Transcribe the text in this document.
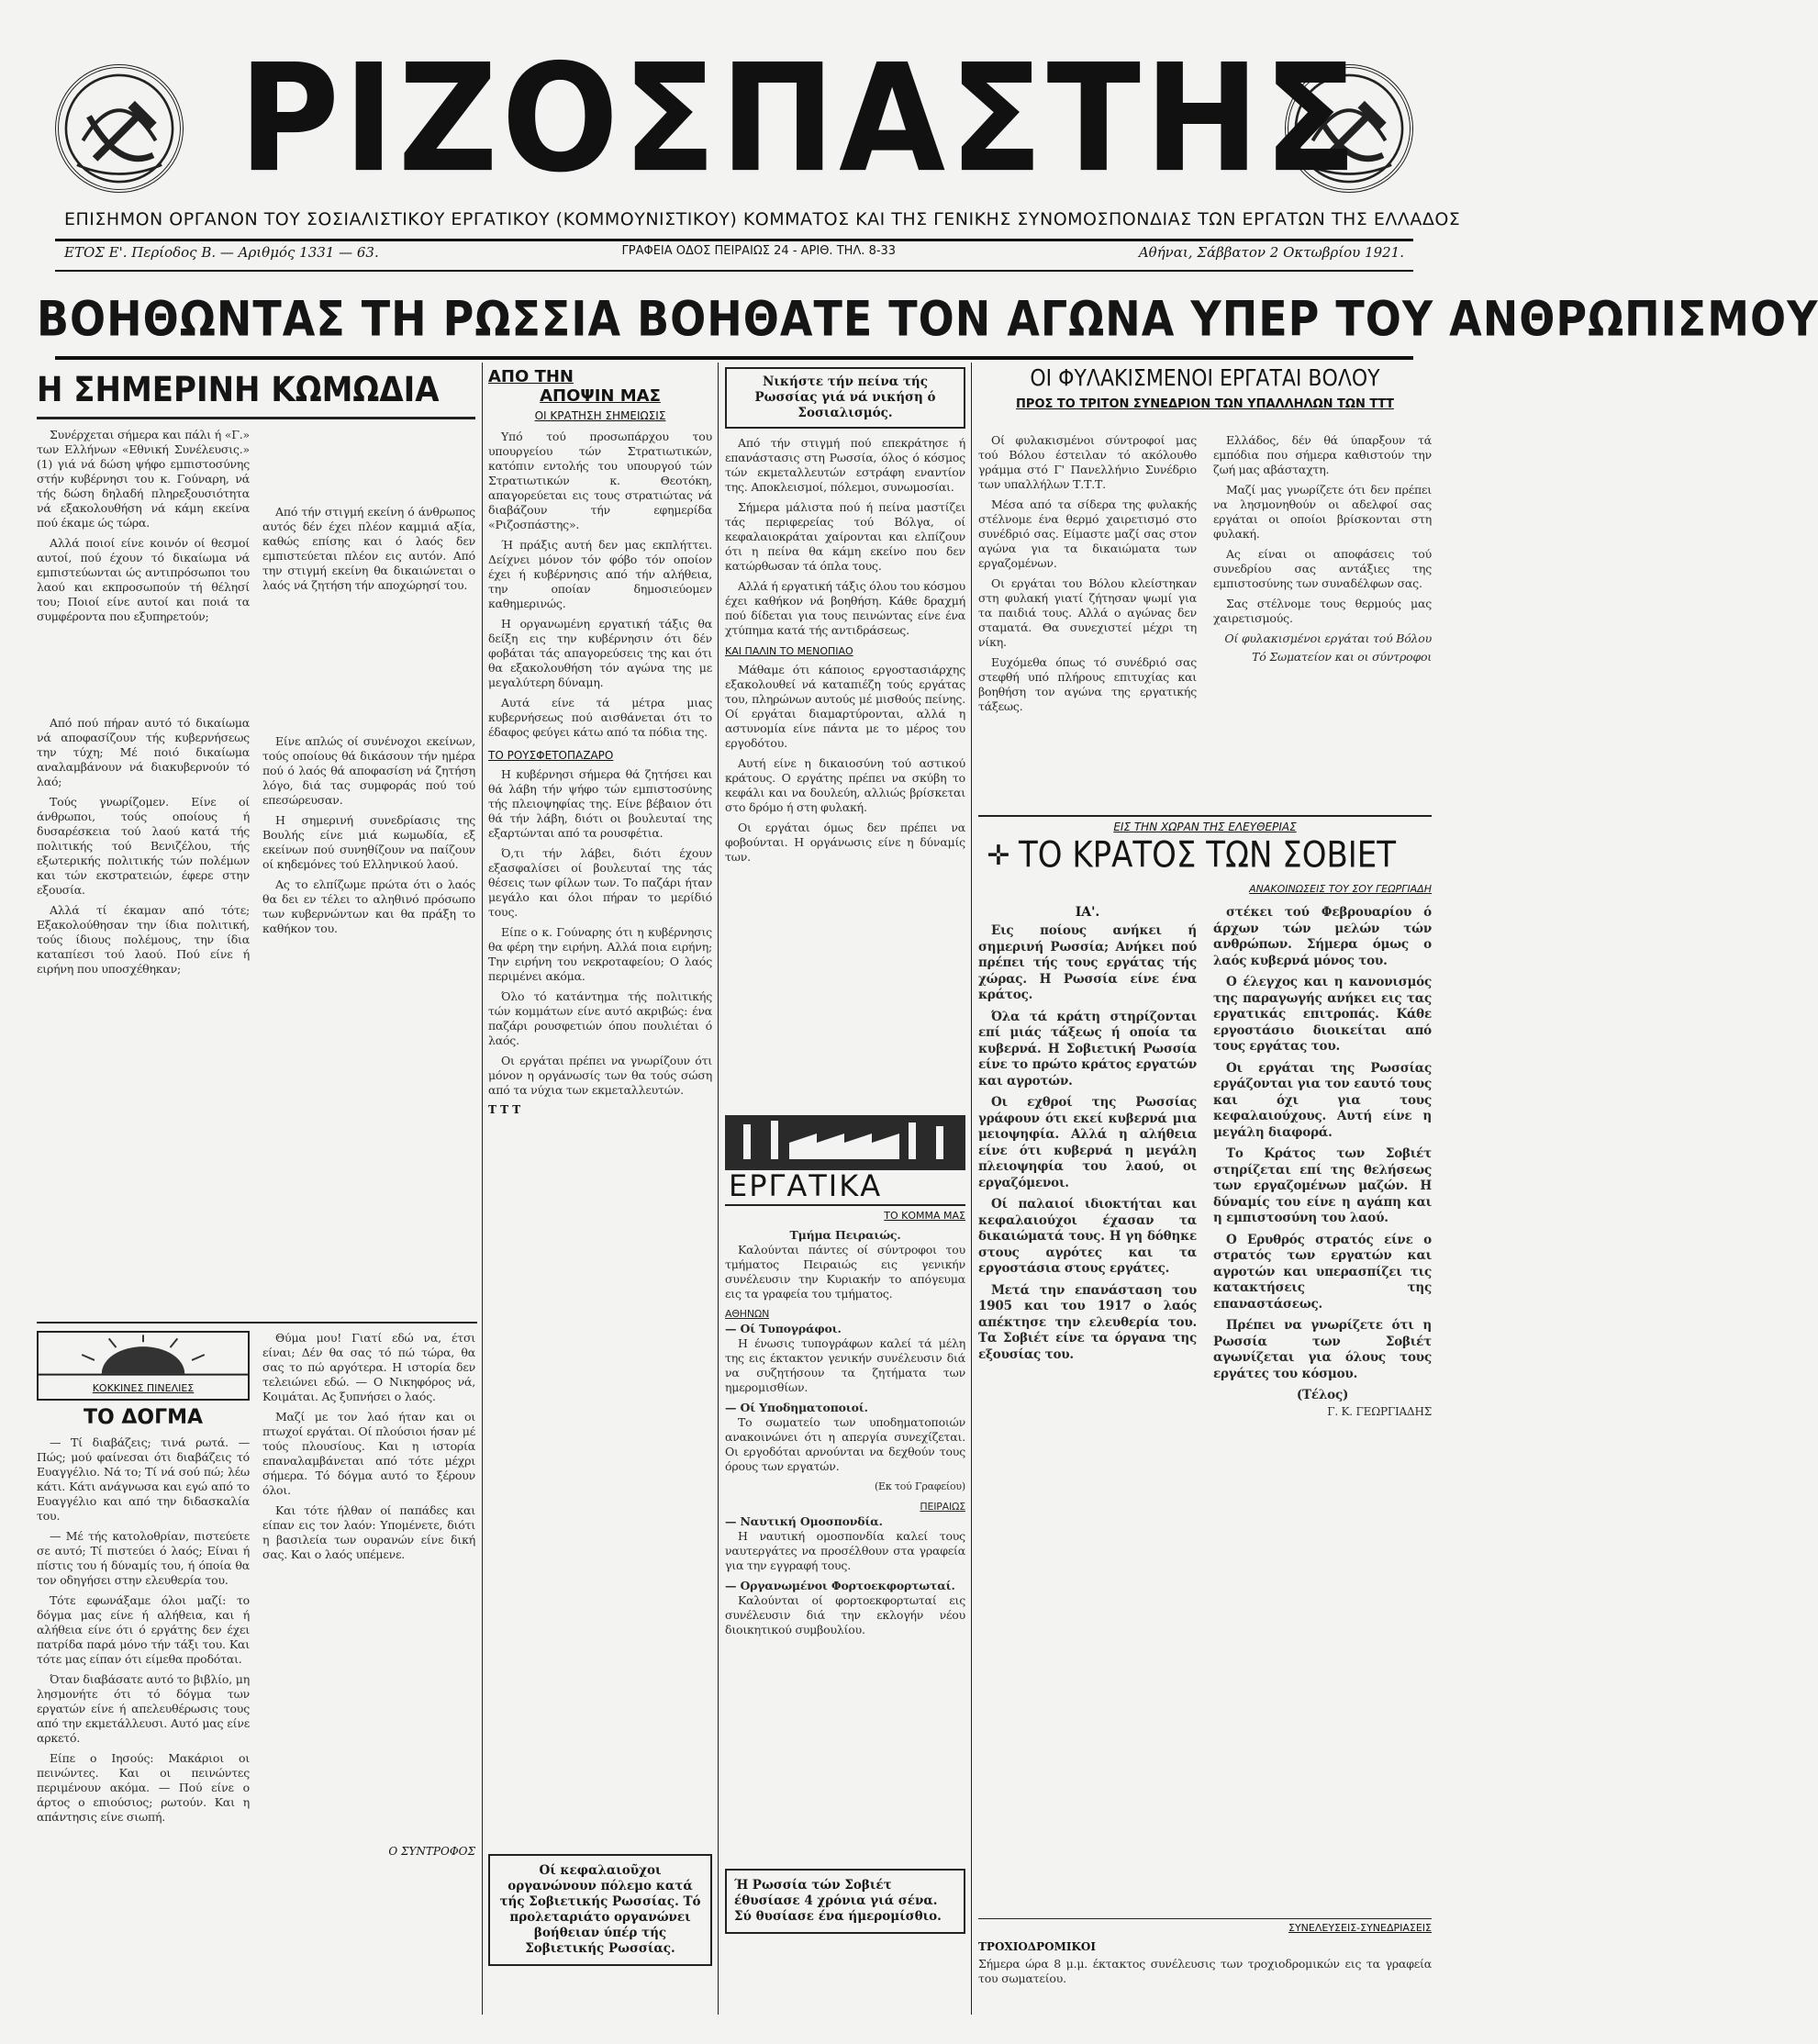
ΡΙΖΟΣΠΑΣΤΗΣ
ΕΠΙΣΗΜΟΝ ΟΡΓΑΝΟΝ ΤΟΥ ΣΟΣΙΑΛΙΣΤΙΚΟΥ ΕΡΓΑΤΙΚΟΥ (ΚΟΜΜΟΥΝΙΣΤΙΚΟΥ) ΚΟΜΜΑΤΟΣ ΚΑΙ ΤΗΣ ΓΕΝΙΚΗΣ ΣΥΝΟΜΟΣΠΟΝΔΙΑΣ ΤΩΝ ΕΡΓΑΤΩΝ ΤΗΣ ΕΛΛΑΔΟΣ
ΕΤΟΣ Ε'. Περίοδος Β. — Αριθμός 1331 — 63.	ΓΡΑΦΕΙΑ ΟΔΟΣ ΠΕΙΡΑΙΩΣ 24 - ΑΡΙΘ. ΤΗΛ. 8-33	Αθήναι, Σάββατον 2 Οκτωβρίου 1921.
ΒΟΗΘΩΝΤΑΣ ΤΗ ΡΩΣΣΙΑ ΒΟΗΘΑΤΕ ΤΟΝ ΑΓΩΝΑ ΥΠΕΡ ΤΟΥ ΑΝΘΡΩΠΙΣΜΟΥ
Η ΣΗΜΕΡΙΝΗ ΚΩΜΩΔΙΑ

Συνέρχεται σήμερα και πάλι ή «Γ.» των Ελλήνων «Εθνική Συνέλευσις.» (1) γιά νά δώση ψήφο εμπιστοσύνης στήν κυβέρνησι του κ. Γούναρη, νά τής δώση δηλαδή πληρεξουσιότητα νά εξακολουθήση νά κάμη εκείνα πού έκαμε ώς τώρα.

Αλλά ποιοί είνε κοινόν οί θεσμοί αυτοί, πού έχουν τό δικαίωμα νά εμπιστεύωνται ώς αντιπρόσωποι του λαού και εκπροσωπούν τή θέλησί του; Ποιοί είνε αυτοί και ποιά τα συμφέροντα που εξυπηρετούν;

Από τήν στιγμή εκείνη ό άνθρωπος αυτός δέν έχει πλέον καμμιά αξία, καθώς επίσης και ό λαός δεν εμπιστεύεται πλέον εις αυτόν. Από την στιγμή εκείνη θα δικαιώνεται ο λαός νά ζητήση τήν αποχώρησί του.

Από πού πήραν αυτό τό δικαίωμα νά αποφασίζουν τής κυβερνήσεως την τύχη; Μέ ποιό δικαίωμα αναλαμβάνουν νά διακυβερνούν τό λαό;

Τούς γνωρίζομεν. Είνε οί άνθρωποι, τούς οποίους ή δυσαρέσκεια τού λαού κατά τής πολιτικής τού Βενιζέλου, τής εξωτερικής πολιτικής τών πολέμων και τών εκστρατειών, έφερε στην εξουσία.

Αλλά τί έκαμαν από τότε; Εξακολούθησαν την ίδια πολιτική, τούς ίδιους πολέμους, την ίδια καταπίεσι τού λαού. Πού είνε ή ειρήνη που υποσχέθηκαν;

Είνε απλώς οί συνένοχοι εκείνων, τούς οποίους θά δικάσουν τήν ημέρα πού ό λαός θά αποφασίση νά ζητήση λόγο, διά τας συμφοράς πού τού επεσώρευσαν.

Η σημερινή συνεδρίασις της Βουλής είνε μιά κωμωδία, εξ εκείνων πού συνηθίζουν να παίζουν οί κηδεμόνες τού Ελληνικού λαού.

Ας το ελπίζωμε πρώτα ότι ο λαός θα δει εν τέλει το αληθινό πρόσωπο των κυβερνώντων και θα πράξη το καθήκον του.

ΚΟΚΚΙΝΕΣ ΠΙΝΕΛΙΕΣ
ΤΟ ΔΟΓΜΑ

— Τί διαβάζεις; τινά ρωτά. — Πώς; μού φαίνεσαι ότι διαβάζεις τό Ευαγγέλιο. Νά το; Τί νά σού πώ; λέω κάτι. Κάτι ανάγνωσα και εγώ από το Ευαγγέλιο και από την διδασκαλία του.

— Μέ τής κατολοθρίαν, πιστεύετε σε αυτό; Τί πιστεύει ό λαός; Είναι ή πίστις του ή δύναμίς του, ή όποία θα τον οδηγήσει στην ελευθερία του.

Τότε εφωνάξαμε όλοι μαζί: το δόγμα μας είνε ή αλήθεια, και ή αλήθεια είνε ότι ό εργάτης δεν έχει πατρίδα παρά μόνο τήν τάξι του. Και τότε μας είπαν ότι είμεθα προδόται.

Όταν διαβάσατε αυτό το βιβλίο, μη λησμονήτε ότι τό δόγμα των εργατών είνε ή απελευθέρωσις τους από την εκμετάλλευσι. Αυτό μας είνε αρκετό.

Είπε ο Ιησούς: Μακάριοι οι πεινώντες. Και οι πεινώντες περιμένουν ακόμα. — Πού είνε ο άρτος ο επιούσιος; ρωτούν. Και η απάντησις είνε σιωπή.

Θύμα μου! Γιατί εδώ να, έτσι είναι; Δέν θα σας τό πώ τώρα, θα σας το πώ αργότερα. Η ιστορία δεν τελειώνει εδώ. — Ο Νικηφόρος νά, Κοιμάται. Ας ξυπνήσει ο λαός.

Μαζί με τον λαό ήταν και οι πτωχοί εργάται. Οί πλούσιοι ήσαν μέ τούς πλουσίους. Και η ιστορία επαναλαμβάνεται από τότε μέχρι σήμερα. Τό δόγμα αυτό το ξέρουν όλοι.

Και τότε ήλθαν οί παπάδες και είπαν εις τον λαόν: Υπομένετε, διότι η βασιλεία των ουρανών είνε δική σας. Και ο λαός υπέμενε.

Ο ΣΥΝΤΡΟΦΟΣ
ΑΠΟ ΤΗΝ
ΑΠΟΨΙΝ ΜΑΣ
ΟΙ ΚΡΑΤΗΣΗ ΣΗΜΕΙΩΣΙΣ

Υπό τού προσωπάρχου του υπουργείου τών Στρατιωτικών, κατόπιν εντολής του υπουργού τών Στρατιωτικών κ. Θεοτόκη, απαγορεύεται εις τους στρατιώτας νά διαβάζουν τήν εφημερίδα «Ριζοσπάστης».

Ή πράξις αυτή δεν μας εκπλήττει. Δείχνει μόνον τόν φόβο τόν οποίον έχει ή κυβέρνησις από τήν αλήθεια, την οποίαν δημοσιεύομεν καθημερινώς.

Η οργανωμένη εργατική τάξις θα δείξη εις την κυβέρνησιν ότι δέν φοβάται τάς απαγορεύσεις της και ότι θα εξακολουθήση τόν αγώνα της με μεγαλύτερη δύναμη.

Αυτά είνε τά μέτρα μιας κυβερνήσεως πού αισθάνεται ότι το έδαφος φεύγει κάτω από τα πόδια της.

ΤΟ ΡΟΥΣΦΕΤΟΠΑΖΑΡΟ

Η κυβέρνησι σήμερα θά ζητήσει και θά λάβη τήν ψήφο τών εμπιστοσύνης τής πλειοψηφίας της. Είνε βέβαιον ότι θά τήν λάβη, διότι οι βουλευταί της εξαρτώνται από τα ρουσφέτια.

Ό,τι τήν λάβει, διότι έχουν εξασφαλίσει οί βουλευταί της τάς θέσεις των φίλων των. Το παζάρι ήταν μεγάλο και όλοι πήραν το μερίδιό τους.

Είπε ο κ. Γούναρης ότι η κυβέρνησις θα φέρη την ειρήνη. Αλλά ποια ειρήνη; Την ειρήνη του νεκροταφείου; Ο λαός περιμένει ακόμα.

Όλο τό κατάντημα τής πολιτικής τών κομμάτων είνε αυτό ακριβώς: ένα παζάρι ρουσφετιών όπου πουλιέται ό λαός.

Οι εργάται πρέπει να γνωρίζουν ότι μόνον η οργάνωσίς των θα τούς σώση από τα νύχια των εκμεταλλευτών.

Τ Τ Τ
Οί κεφαλαιοῦχοι οργανώνουν πόλεμο κατά τής Σοβιετικής Ρωσσίας. Τό προλεταριάτο οργανώνει βοήθειαν ύπέρ τής Σοβιετικής Ρωσσίας.
Νικήστε τήν πείνα τής Ρωσσίας γιά νά νικήση ό Σοσιαλισμός.

Από τήν στιγμή πού επεκράτησε ή επανάστασις στη Ρωσσία, όλος ό κόσμος τών εκμεταλλευτών εστράφη εναντίον της. Αποκλεισμοί, πόλεμοι, συνωμοσίαι.

Σήμερα μάλιστα πού ή πείνα μαστίζει τάς περιφερείας τού Βόλγα, οί κεφαλαιοκράται χαίρονται και ελπίζουν ότι η πείνα θα κάμη εκείνο που δεν κατώρθωσαν τά όπλα τους.

Αλλά ή εργατική τάξις όλου του κόσμου έχει καθήκον νά βοηθήση. Κάθε δραχμή πού δίδεται για τους πεινώντας είνε ένα χτύπημα κατά τής αντιδράσεως.

ΚΑΙ ΠΑΛΙΝ ΤΟ ΜΕΝΟΠΙΑΟ

Μάθαμε ότι κάποιος εργοστασιάρχης εξακολουθεί νά καταπιέζη τούς εργάτας του, πληρώνων αυτούς μέ μισθούς πείνης. Οί εργάται διαμαρτύρονται, αλλά η αστυνομία είνε πάντα με το μέρος του εργοδότου.

Αυτή είνε η δικαιοσύνη τού αστικού κράτους. Ο εργάτης πρέπει να σκύβη το κεφάλι και να δουλεύη, αλλιώς βρίσκεται στο δρόμο ή στη φυλακή.

Οι εργάται όμως δεν πρέπει να φοβούνται. Η οργάνωσις είνε η δύναμίς των.

ΕΡΓΑΤΙΚΑ
ΤΟ ΚΟΜΜΑ ΜΑΣ
Τμήμα Πειραιώς.

Καλούνται πάντες οί σύντροφοι του τμήματος Πειραιώς εις γενικήν συνέλευσιν την Κυριακήν το απόγευμα εις τα γραφεία του τμήματος.

ΑΘΗΝΩΝ
— Οί Τυπογράφοι.

Η ένωσις τυπογράφων καλεί τά μέλη της εις έκτακτον γενικήν συνέλευσιν διά να συζητήσουν τα ζητήματα των ημερομισθίων.

— Οί Υποδηματοποιοί.

Το σωματείο των υποδηματοποιών ανακοινώνει ότι η απεργία συνεχίζεται. Οι εργοδόται αρνούνται να δεχθούν τους όρους των εργατών.

(Εκ τού Γραφείου)
ΠΕΙΡΑΙΩΣ
— Ναυτική Ομοσπονδία.

Η ναυτική ομοσπονδία καλεί τους ναυτεργάτες να προσέλθουν στα γραφεία για την εγγραφή τους.

— Οργανωμένοι Φορτοεκφορτωταί.

Καλούνται οί φορτοεκφορτωταί εις συνέλευσιν διά την εκλογήν νέου διοικητικού συμβουλίου.

Ή Ρωσσία τών Σοβιέτ έθυσίασε 4 χρόνια γιά σένα. Σύ θυσίασε ένα ήμερομίσθιο.
ΟΙ ΦΥΛΑΚΙΣΜΕΝΟΙ ΕΡΓΑΤΑΙ ΒΟΛΟΥ
ΠΡΟΣ ΤΟ ΤΡΙΤΟΝ ΣΥΝΕΔΡΙΟΝ ΤΩΝ ΥΠΑΛΛΗΛΩΝ ΤΩΝ ΤΤΤ

Οί φυλακισμένοι σύντροφοί μας τού Βόλου έστειλαν τό ακόλουθο γράμμα στό Γ' Πανελλήνιο Συνέδριο των υπαλλήλων Τ.Τ.Τ.

Μέσα από τα σίδερα της φυλακής στέλνομε ένα θερμό χαιρετισμό στο συνέδριό σας. Είμαστε μαζί σας στον αγώνα για τα δικαιώματα των εργαζομένων.

Οι εργάται του Βόλου κλείστηκαν στη φυλακή γιατί ζήτησαν ψωμί για τα παιδιά τους. Αλλά ο αγώνας δεν σταματά. Θα συνεχιστεί μέχρι τη νίκη.

Ευχόμεθα όπως τό συνέδριό σας στεφθή υπό πλήρους επιτυχίας και βοηθήση τον αγώνα της εργατικής τάξεως.

Ελλάδος, δέν θά ύπαρξουν τά εμπόδια που σήμερα καθιστούν την ζωή μας αβάσταχτη.

Μαζί μας γνωρίζετε ότι δεν πρέπει να λησμονηθούν οι αδελφοί σας εργάται οι οποίοι βρίσκονται στη φυλακή.

Ας είναι οι αποφάσεις τού συνεδρίου σας αντάξιες της εμπιστοσύνης των συναδέλφων σας.

Σας στέλνομε τους θερμούς μας χαιρετισμούς.

Οί φυλακισμένοι εργάται τού Βόλου
Τό Σωματείον και οι σύντροφοι
ΕΙΣ ΤΗΝ ΧΩΡΑΝ ΤΗΣ ΕΛΕΥΘΕΡΙΑΣ
✛ ΤΟ ΚΡΑΤΟΣ ΤΩΝ ΣΟΒΙΕΤ
ΑΝΑΚΟΙΝΩΣΕΙΣ ΤΟΥ ΣΟΥ ΓΕΩΡΓΙΑΔΗ
ΙΑ'.

Εις ποίους ανήκει ή σημερινή Ρωσσία; Ανήκει πού πρέπει τής τους εργάτας τής χώρας. Η Ρωσσία είνε ένα κράτος.

Όλα τά κράτη στηρίζονται επί μιάς τάξεως ή οποία τα κυβερνά. Η Σοβιετική Ρωσσία είνε το πρώτο κράτος εργατών και αγροτών.

Οι εχθροί της Ρωσσίας γράφουν ότι εκεί κυβερνά μια μειοψηφία. Αλλά η αλήθεια είνε ότι κυβερνά η μεγάλη πλειοψηφία του λαού, οι εργαζόμενοι.

Οί παλαιοί ιδιοκτήται και κεφαλαιούχοι έχασαν τα δικαιώματά τους. Η γη δόθηκε στους αγρότες και τα εργοστάσια στους εργάτες.

Μετά την επανάσταση του 1905 και του 1917 ο λαός απέκτησε την ελευθερία του. Τα Σοβιέτ είνε τα όργανα της εξουσίας του.

στέκει τού Φεβρουαρίου ό άρχων τών μελών τών ανθρώπων. Σήμερα όμως ο λαός κυβερνά μόνος του.

Ο έλεγχος και η κανονισμός της παραγωγής ανήκει εις τας εργατικάς επιτροπάς. Κάθε εργοστάσιο διοικείται από τους εργάτας του.

Οι εργάται της Ρωσσίας εργάζονται για τον εαυτό τους και όχι για τους κεφαλαιούχους. Αυτή είνε η μεγάλη διαφορά.

Το Κράτος των Σοβιέτ στηρίζεται επί της θελήσεως των εργαζομένων μαζών. Η δύναμίς του είνε η αγάπη και η εμπιστοσύνη του λαού.

Ο Ερυθρός στρατός είνε ο στρατός των εργατών και αγροτών και υπερασπίζει τις κατακτήσεις της επαναστάσεως.

Πρέπει να γνωρίζετε ότι η Ρωσσία των Σοβιέτ αγωνίζεται για όλους τους εργάτες του κόσμου.

(Τέλος)
Γ. Κ. ΓΕΩΡΓΙΑΔΗΣ
ΣΥΝΕΛΕΥΣΕΙΣ-ΣΥΝΕΔΡΙΑΣΕΙΣ
ΤΡΟΧΙΟΔΡΟΜΙΚΟΙ
Σήμερα ώρα 8 μ.μ. έκτακτος συνέλευσις των τροχιοδρομικών εις τα γραφεία του σωματείου.
